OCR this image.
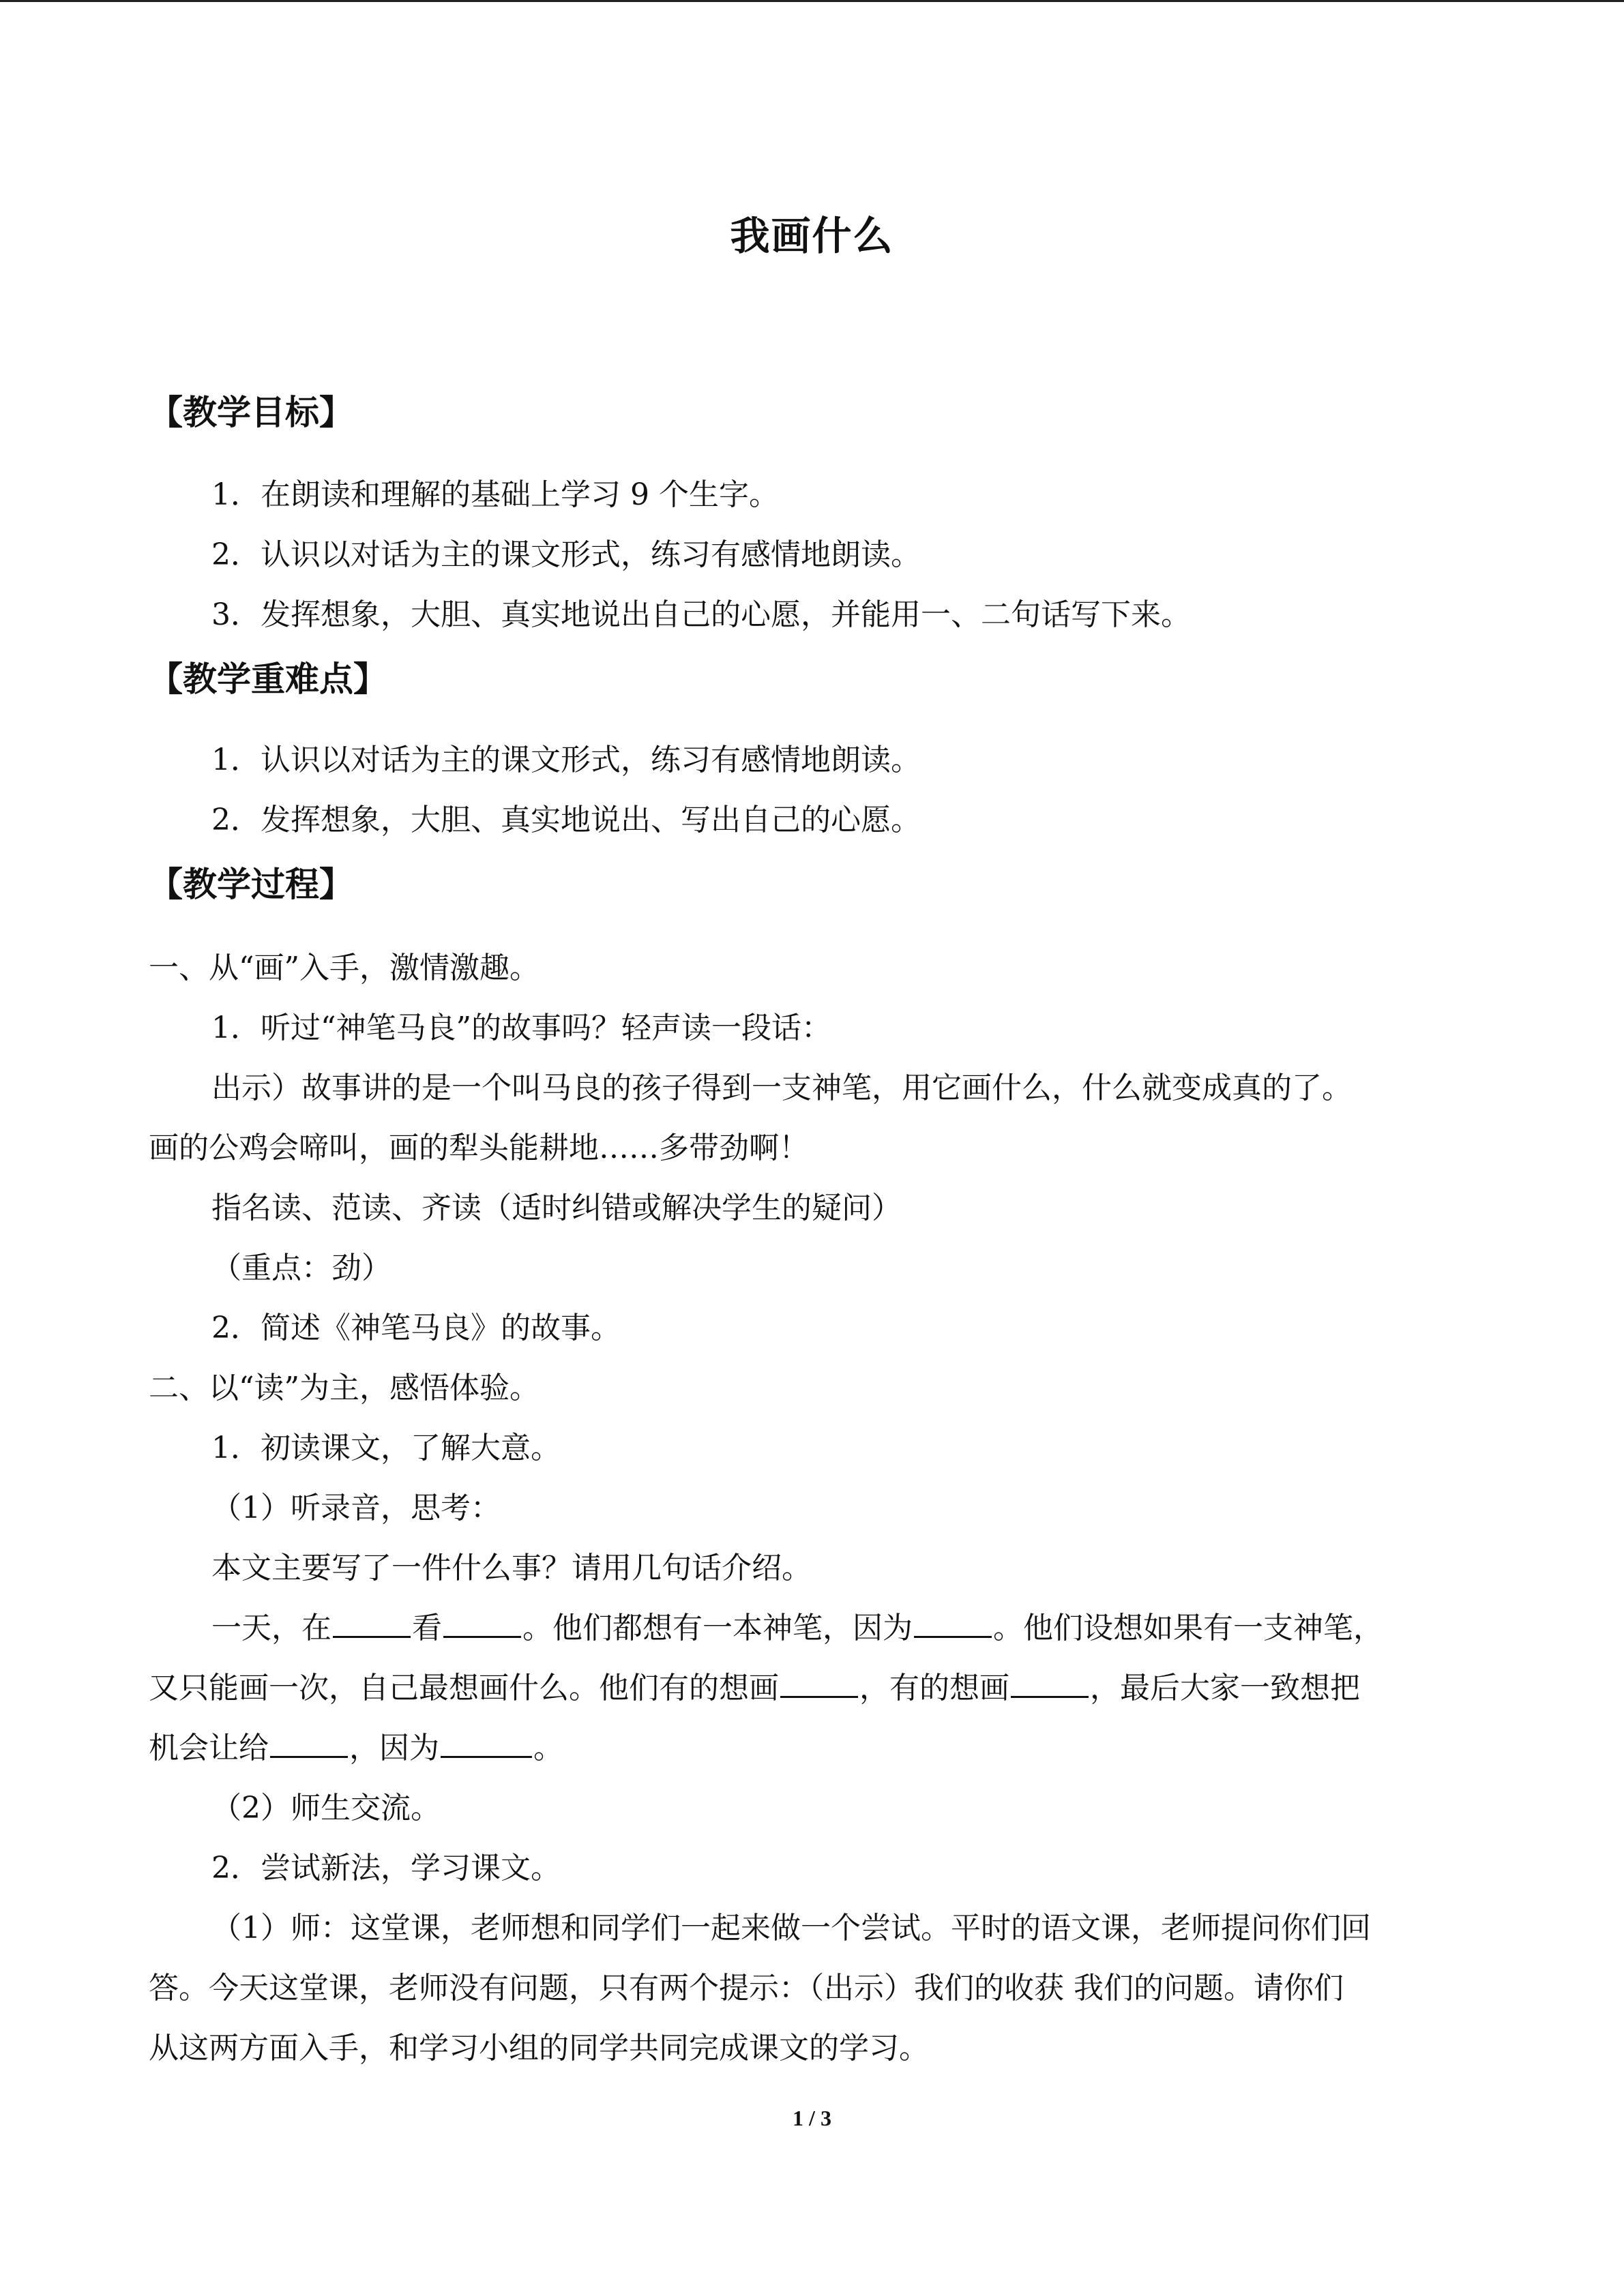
我画什么
【教学目标】
1．在朗读和理解的基础上学习 9 个生字。
2．认识以对话为主的课文形式，练习有感情地朗读。
3．发挥想象，大胆、真实地说出自己的心愿，并能用一、二句话写下来。
【教学重难点】
1．认识以对话为主的课文形式，练习有感情地朗读。
2．发挥想象，大胆、真实地说出、写出自己的心愿。
【教学过程】
一、从“画”入手，激情激趣。
1．听过“神笔马良”的故事吗？轻声读一段话：
出示）故事讲的是一个叫马良的孩子得到一支神笔，用它画什么，什么就变成真的了。
画的公鸡会啼叫，画的犁头能耕地……多带劲啊！
指名读、范读、齐读（适时纠错或解决学生的疑问）
（重点：劲）
2．简述《神笔马良》的故事。
二、以“读”为主，感悟体验。
1．初读课文，了解大意。
（1）听录音，思考：
本文主要写了一件什么事？请用几句话介绍。
一天，在	看	。他们都想有一本神笔，因为	。他们设想如果有一支神笔，
又只能画一次，自己最想画什么。他们有的想画	，有的想画	，最后大家一致想把
机会让给	，因为	。
（2）师生交流。
2．尝试新法，学习课文。
（1）师：这堂课，老师想和同学们一起来做一个尝试。平时的语文课，老师提问你们回
答。今天这堂课，老师没有问题，只有两个提示：（出示）我们的收获 我们的问题。请你们
从这两方面入手，和学习小组的同学共同完成课文的学习。
1 / 3
